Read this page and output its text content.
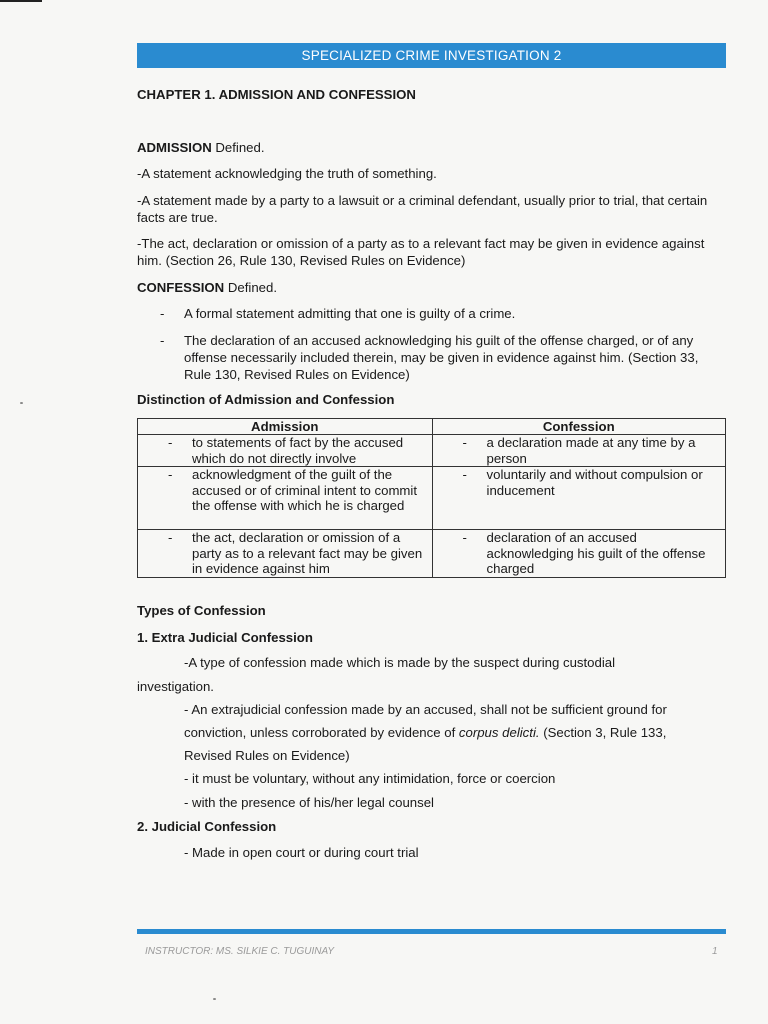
SPECIALIZED CRIME INVESTIGATION 2
CHAPTER 1. ADMISSION AND CONFESSION
ADMISSION Defined.
-A statement acknowledging the truth of something.
-A statement made by a party to a lawsuit or a criminal defendant, usually prior to trial, that certain facts are true.
-The act, declaration or omission of a party as to a relevant fact may be given in evidence against him. (Section 26, Rule 130, Revised Rules on Evidence)
CONFESSION Defined.
- A formal statement admitting that one is guilty of a crime.
- The declaration of an accused acknowledging his guilt of the offense charged, or of any offense necessarily included therein, may be given in evidence against him. (Section 33, Rule 130, Revised Rules on Evidence)
Distinction of Admission and Confession
Admission	Confession

- to statements of fact by the accused which do not directly involve	- a declaration made at any time by a person

- acknowledgment of the guilt of the accused or of criminal intent to commit the offense with which he is charged	- voluntarily and without compulsion or inducement

- the act, declaration or omission of a party as to a relevant fact may be given in evidence against him	- declaration of an accused acknowledging his guilt of the offense charged
Types of Confession
1. Extra Judicial Confession
-A type of confession made which is made by the suspect during custodial
investigation.
- An extrajudicial confession made by an accused, shall not be sufficient ground for
conviction, unless corroborated by evidence of corpus delicti. (Section 3, Rule 133,
Revised Rules on Evidence)
- it must be voluntary, without any intimidation, force or coercion
- with the presence of his/her legal counsel
2. Judicial Confession
- Made in open court or during court trial
INSTRUCTOR: MS. SILKIE C. TUGUINAY	1
